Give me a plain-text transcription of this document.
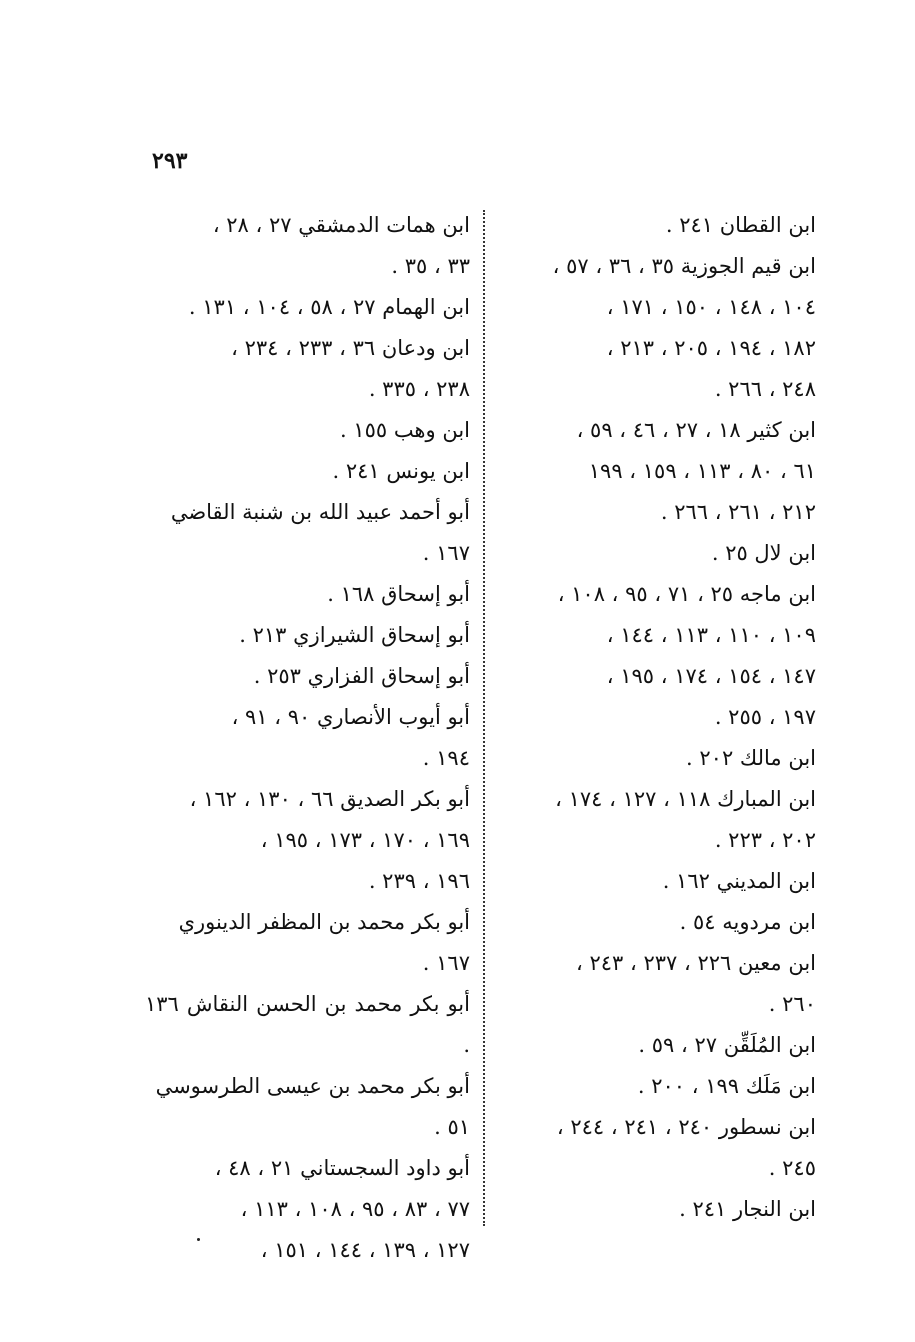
٢٩٣
ابن القطان ٢٤١ .
ابن قيم الجوزية ٣٥ ، ٣٦ ، ٥٧ ،
١٠٤ ، ١٤٨ ، ١٥٠ ، ١٧١ ،
١٨٢ ، ١٩٤ ، ٢٠٥ ، ٢١٣ ،
٢٤٨ ، ٢٦٦ .
ابن كثير ١٨ ، ٢٧ ، ٤٦ ، ٥٩ ،
٦١ ، ٨٠ ، ١١٣ ، ١٥٩ ، ١٩٩
٢١٢ ، ٢٦١ ، ٢٦٦ .
ابن لال ٢٥ .
ابن ماجه ٢٥ ، ٧١ ، ٩٥ ، ١٠٨ ،
١٠٩ ، ١١٠ ، ١١٣ ، ١٤٤ ،
١٤٧ ، ١٥٤ ، ١٧٤ ، ١٩٥ ،
١٩٧ ، ٢٥٥ .
ابن مالك ٢٠٢ .
ابن المبارك ١١٨ ، ١٢٧ ، ١٧٤ ،
٢٠٢ ، ٢٢٣ .
ابن المديني ١٦٢ .
ابن مردويه ٥٤ .
ابن معين ٢٢٦ ، ٢٣٧ ، ٢٤٣ ،
٢٦٠ .
ابن المُلَقِّن ٢٧ ، ٥٩ .
ابن مَلَك ١٩٩ ، ٢٠٠ .
ابن نسطور ٢٤٠ ، ٢٤١ ، ٢٤٤ ،
٢٤٥ .
ابن النجار ٢٤١ .
ابن همات الدمشقي ٢٧ ، ٢٨ ،
٣٣ ، ٣٥ .
ابن الهمام ٢٧ ، ٥٨ ، ١٠٤ ، ١٣١ .
ابن ودعان ٣٦ ، ٢٣٣ ، ٢٣٤ ،
٢٣٨ ، ٣٣٥ .
ابن وهب ١٥٥ .
ابن يونس ٢٤١ .
أبو أحمد عبيد الله بن شنبة القاضي
١٦٧ .
أبو إسحاق ١٦٨ .
أبو إسحاق الشيرازي ٢١٣ .
أبو إسحاق الفزاري ٢٥٣ .
أبو أيوب الأنصاري ٩٠ ، ٩١ ،
١٩٤ .
أبو بكر الصديق ٦٦ ، ١٣٠ ، ١٦٢ ،
١٦٩ ، ١٧٠ ، ١٧٣ ، ١٩٥ ،
١٩٦ ، ٢٣٩ .
أبو بكر محمد بن المظفر الدينوري
١٦٧ .
أبو بكر محمد بن الحسن النقاش ١٣٦ .
أبو بكر محمد بن عيسى الطرسوسي
٥١ .
أبو داود السجستاني ٢١ ، ٤٨ ،
٧٧ ، ٨٣ ، ٩٥ ، ١٠٨ ، ١١٣ ،
١٢٧ ، ١٣٩ ، ١٤٤ ، ١٥١ ،
